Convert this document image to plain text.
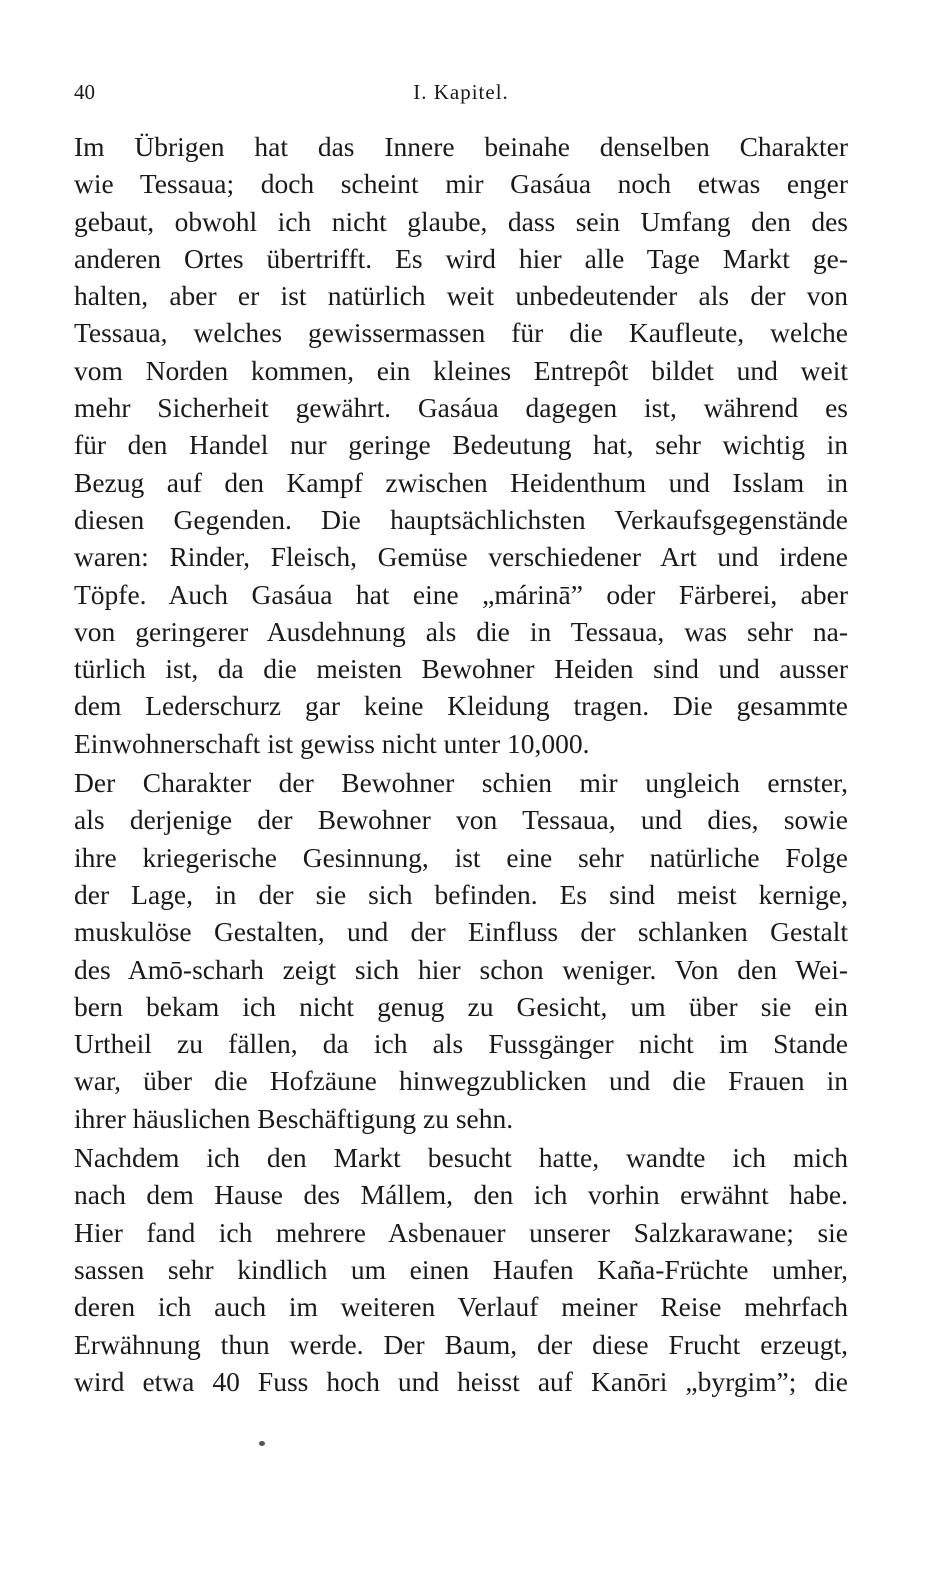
40	I. Kapitel.
Im Übrigen hat das Innere beinahe denselben Charakter
wie Tessaua; doch scheint mir Gasáua noch etwas enger
gebaut, obwohl ich nicht glaube, dass sein Umfang den des
anderen Ortes übertrifft. Es wird hier alle Tage Markt ge-
halten, aber er ist natürlich weit unbedeutender als der von
Tessaua, welches gewissermassen für die Kaufleute, welche
vom Norden kommen, ein kleines Entrepôt bildet und weit
mehr Sicherheit gewährt. Gasáua dagegen ist, während es
für den Handel nur geringe Bedeutung hat, sehr wichtig in
Bezug auf den Kampf zwischen Heidenthum und Isslam in
diesen Gegenden. Die hauptsächlichsten Verkaufsgegenstände
waren: Rinder, Fleisch, Gemüse verschiedener Art und irdene
Töpfe. Auch Gasáua hat eine „márinā” oder Färberei, aber
von geringerer Ausdehnung als die in Tessaua, was sehr na-
türlich ist, da die meisten Bewohner Heiden sind und ausser
dem Lederschurz gar keine Kleidung tragen. Die gesammte
Einwohnerschaft ist gewiss nicht unter 10,000.
Der Charakter der Bewohner schien mir ungleich ernster,
als derjenige der Bewohner von Tessaua, und dies, sowie
ihre kriegerische Gesinnung, ist eine sehr natürliche Folge
der Lage, in der sie sich befinden. Es sind meist kernige,
muskulöse Gestalten, und der Einfluss der schlanken Gestalt
des Amō-scharh zeigt sich hier schon weniger. Von den Wei-
bern bekam ich nicht genug zu Gesicht, um über sie ein
Urtheil zu fällen, da ich als Fussgänger nicht im Stande
war, über die Hofzäune hinwegzublicken und die Frauen in
ihrer häuslichen Beschäftigung zu sehn.
Nachdem ich den Markt besucht hatte, wandte ich mich
nach dem Hause des Mállem, den ich vorhin erwähnt habe.
Hier fand ich mehrere Asbenauer unserer Salzkarawane; sie
sassen sehr kindlich um einen Haufen Kaña-Früchte umher,
deren ich auch im weiteren Verlauf meiner Reise mehrfach
Erwähnung thun werde. Der Baum, der diese Frucht erzeugt,
wird etwa 40 Fuss hoch und heisst auf Kanōri „byrgim”; die
